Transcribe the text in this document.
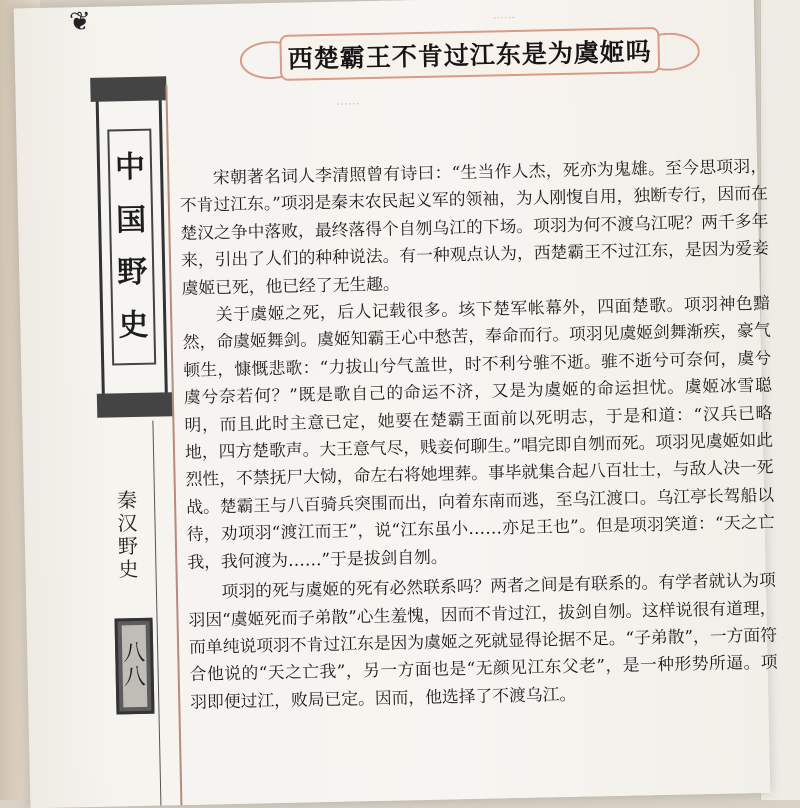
❦
中
国
野
史
秦
汉
野
史
八
八
……
西楚霸王不肯过江东是为虞姬吗
……

宋朝著名词人李清照曾有诗曰：“生当作人杰，死亦为鬼雄。至今思项羽，不肯过江东。”项羽是秦末农民起义军的领袖，为人刚愎自用，独断专行，因而在楚汉之争中落败，最终落得个自刎乌江的下场。项羽为何不渡乌江呢？两千多年来，引出了人们的种种说法。有一种观点认为，西楚霸王不过江东，是因为爱妾虞姬已死，他已经了无生趣。

关于虞姬之死，后人记载很多。垓下楚军帐幕外，四面楚歌。项羽神色黯然，命虞姬舞剑。虞姬知霸王心中愁苦，奉命而行。项羽见虞姬剑舞渐疾，豪气顿生，慷慨悲歌：“力拔山兮气盖世，时不利兮骓不逝。骓不逝兮可奈何，虞兮虞兮奈若何？”既是歌自己的命运不济，又是为虞姬的命运担忧。虞姬冰雪聪明，而且此时主意已定，她要在楚霸王面前以死明志，于是和道：“汉兵已略地，四方楚歌声。大王意气尽，贱妾何聊生。”唱完即自刎而死。项羽见虞姬如此烈性，不禁抚尸大恸，命左右将她埋葬。事毕就集合起八百壮士，与敌人决一死战。楚霸王与八百骑兵突围而出，向着东南而逃，至乌江渡口。乌江亭长驾船以待，劝项羽“渡江而王”，说“江东虽小……亦足王也”。但是项羽笑道：“天之亡我，我何渡为……”于是拔剑自刎。

项羽的死与虞姬的死有必然联系吗？两者之间是有联系的。有学者就认为项羽因“虞姬死而子弟散”心生羞愧，因而不肯过江，拔剑自刎。这样说很有道理，而单纯说项羽不肯过江东是因为虞姬之死就显得论据不足。“子弟散”，一方面符合他说的“天之亡我”，另一方面也是“无颜见江东父老”，是一种形势所逼。项羽即便过江，败局已定。因而，他选择了不渡乌江。
